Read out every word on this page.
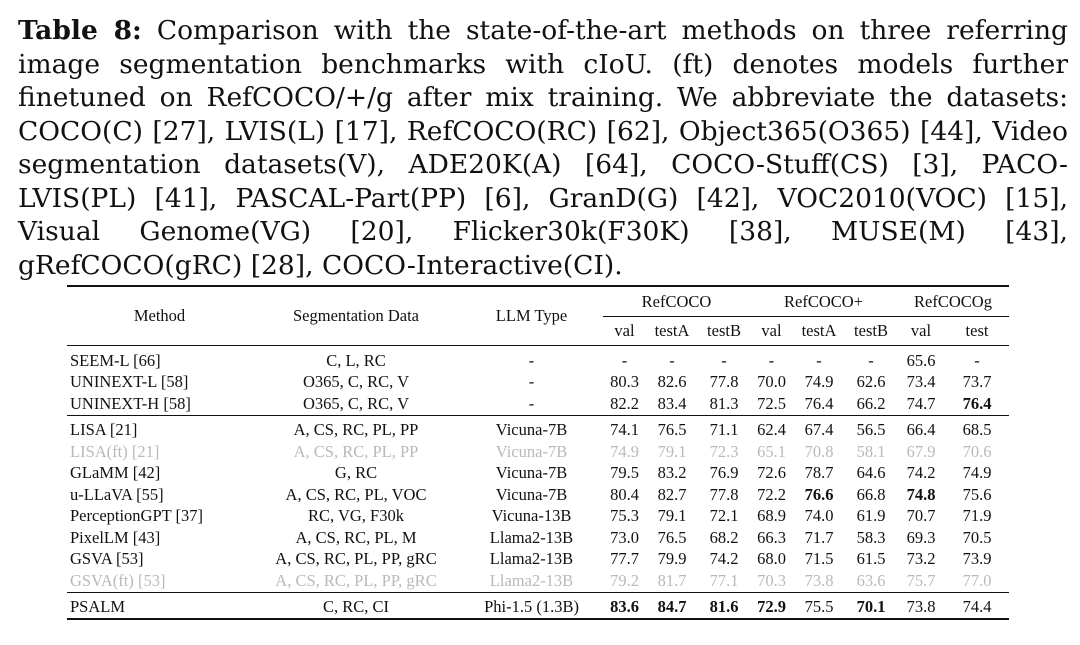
Table 8: Comparison with the state-of-the-art methods on three referring image segmentation benchmarks with cIoU. (ft) denotes models further finetuned on RefCOCO/+/g after mix training. We abbreviate the datasets: COCO(C) [27], LVIS(L) [17], RefCOCO(RC) [62], Object365(O365) [44], Video segmentation datasets(V), ADE20K(A) [64], COCO-Stuff(CS) [3], PACO-LVIS(PL) [41], PASCAL-Part(PP) [6], GranD(G) [42], VOC2010(VOC) [15], Visual Genome(VG) [20], Flicker30k(F30K) [38], MUSE(M) [43], gRefCOCO(gRC) [28], COCO-Interactive(CI).
Method	Segmentation Data	LLM Type	RefCOCO			RefCOCO+			RefCOCOg	
			val	testA	testB	val	testA	testB	val	test
SEEM-L [66]	C, L, RC	-	-	-	-	-	-	-	65.6	-
UNINEXT-L [58]	O365, C, RC, V	-	80.3	82.6	77.8	70.0	74.9	62.6	73.4	73.7
UNINEXT-H [58]	O365, C, RC, V	-	82.2	83.4	81.3	72.5	76.4	66.2	74.7	76.4
LISA [21]	A, CS, RC, PL, PP	Vicuna-7B	74.1	76.5	71.1	62.4	67.4	56.5	66.4	68.5
LISA(ft) [21]	A, CS, RC, PL, PP	Vicuna-7B	74.9	79.1	72.3	65.1	70.8	58.1	67.9	70.6
GLaMM [42]	G, RC	Vicuna-7B	79.5	83.2	76.9	72.6	78.7	64.6	74.2	74.9
u-LLaVA [55]	A, CS, RC, PL, VOC	Vicuna-7B	80.4	82.7	77.8	72.2	76.6	66.8	74.8	75.6
PerceptionGPT [37]	RC, VG, F30k	Vicuna-13B	75.3	79.1	72.1	68.9	74.0	61.9	70.7	71.9
PixelLM [43]	A, CS, RC, PL, M	Llama2-13B	73.0	76.5	68.2	66.3	71.7	58.3	69.3	70.5
GSVA [53]	A, CS, RC, PL, PP, gRC	Llama2-13B	77.7	79.9	74.2	68.0	71.5	61.5	73.2	73.9
GSVA(ft) [53]	A, CS, RC, PL, PP, gRC	Llama2-13B	79.2	81.7	77.1	70.3	73.8	63.6	75.7	77.0
PSALM	C, RC, CI	Phi-1.5 (1.3B)	83.6	84.7	81.6	72.9	75.5	70.1	73.8	74.4
